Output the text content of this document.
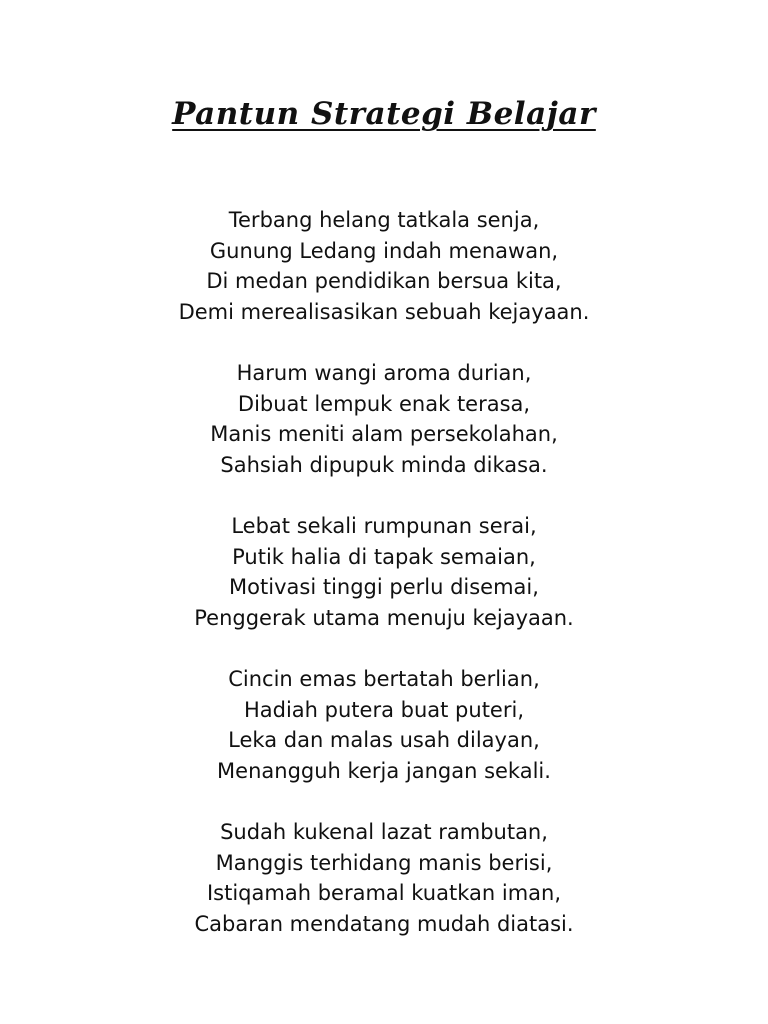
Pantun Strategi Belajar
Terbang helang tatkala senja,
Gunung Ledang indah menawan,
Di medan pendidikan bersua kita,
Demi merealisasikan sebuah kejayaan.
Harum wangi aroma durian,
Dibuat lempuk enak terasa,
Manis meniti alam persekolahan,
Sahsiah dipupuk minda dikasa.
Lebat sekali rumpunan serai,
Putik halia di tapak semaian,
Motivasi tinggi perlu disemai,
Penggerak utama menuju kejayaan.
Cincin emas bertatah berlian,
Hadiah putera buat puteri,
Leka dan malas usah dilayan,
Menangguh kerja jangan sekali.
Sudah kukenal lazat rambutan,
Manggis terhidang manis berisi,
Istiqamah beramal kuatkan iman,
Cabaran mendatang mudah diatasi.
